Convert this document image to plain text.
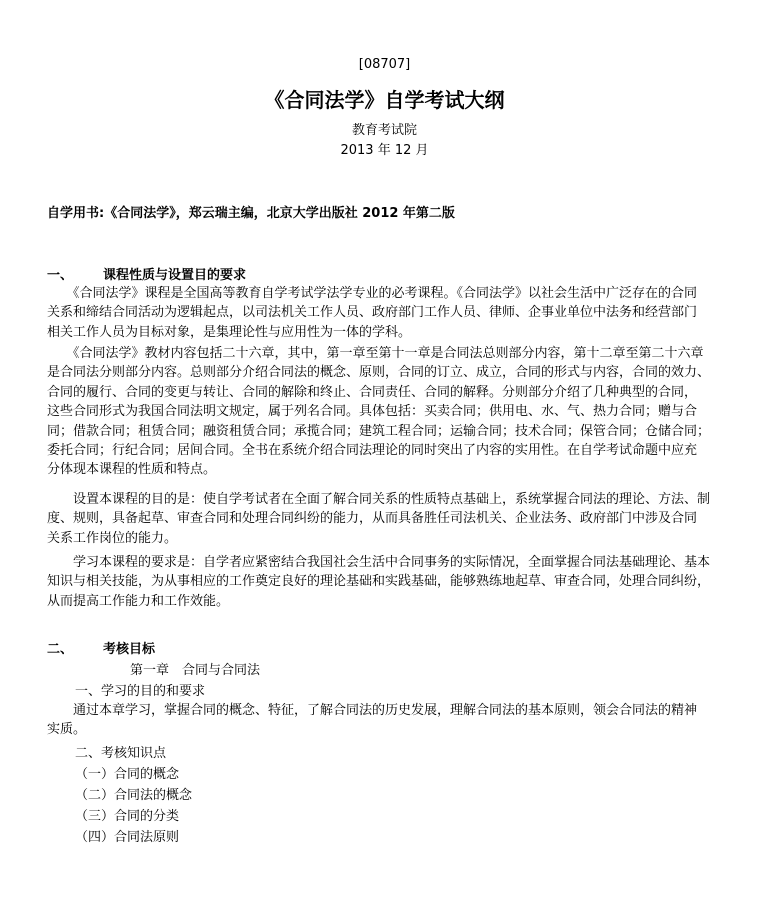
[08707]
《合同法学》自学考试大纲
教育考试院
2013 年 12 月
自学用书:《合同法学》，郑云瑞主编，北京大学出版社 2012 年第二版
一、 课程性质与设置目的要求
　　《合同法学》课程是全国高等教育自学考试学法学专业的必考课程。《合同法学》以社会生活中广泛存在的合同
关系和缔结合同活动为逻辑起点，以司法机关工作人员、政府部门工作人员、律师、企事业单位中法务和经营部门
相关工作人员为目标对象，是集理论性与应用性为一体的学科。
　　《合同法学》教材内容包括二十六章，其中，第一章至第十一章是合同法总则部分内容，第十二章至第二十六章
是合同法分则部分内容。总则部分介绍合同法的概念、原则，合同的订立、成立，合同的形式与内容，合同的效力、
合同的履行、合同的变更与转让、合同的解除和终止、合同责任、合同的解释。分则部分介绍了几种典型的合同，
这些合同形式为我国合同法明文规定，属于列名合同。具体包括：买卖合同；供用电、水、气、热力合同；赠与合
同；借款合同；租赁合同；融资租赁合同；承揽合同；建筑工程合同；运输合同；技术合同；保管合同；仓储合同；
委托合同；行纪合同；居间合同。全书在系统介绍合同法理论的同时突出了内容的实用性。在自学考试命题中应充
分体现本课程的性质和特点。
　　设置本课程的目的是：使自学考试者在全面了解合同关系的性质特点基础上，系统掌握合同法的理论、方法、制
度、规则，具备起草、审查合同和处理合同纠纷的能力，从而具备胜任司法机关、企业法务、政府部门中涉及合同
关系工作岗位的能力。
　　学习本课程的要求是：自学者应紧密结合我国社会生活中合同事务的实际情况，全面掌握合同法基础理论、基本
知识与相关技能，为从事相应的工作奠定良好的理论基础和实践基础，能够熟练地起草、审查合同，处理合同纠纷，
从而提高工作能力和工作效能。
二、 考核目标
第一章　合同与合同法
一、学习的目的和要求
　　通过本章学习，掌握合同的概念、特征，了解合同法的历史发展，理解合同法的基本原则，领会合同法的精神
实质。
二、考核知识点
（一）合同的概念
（二）合同法的概念
（三）合同的分类
（四）合同法原则
